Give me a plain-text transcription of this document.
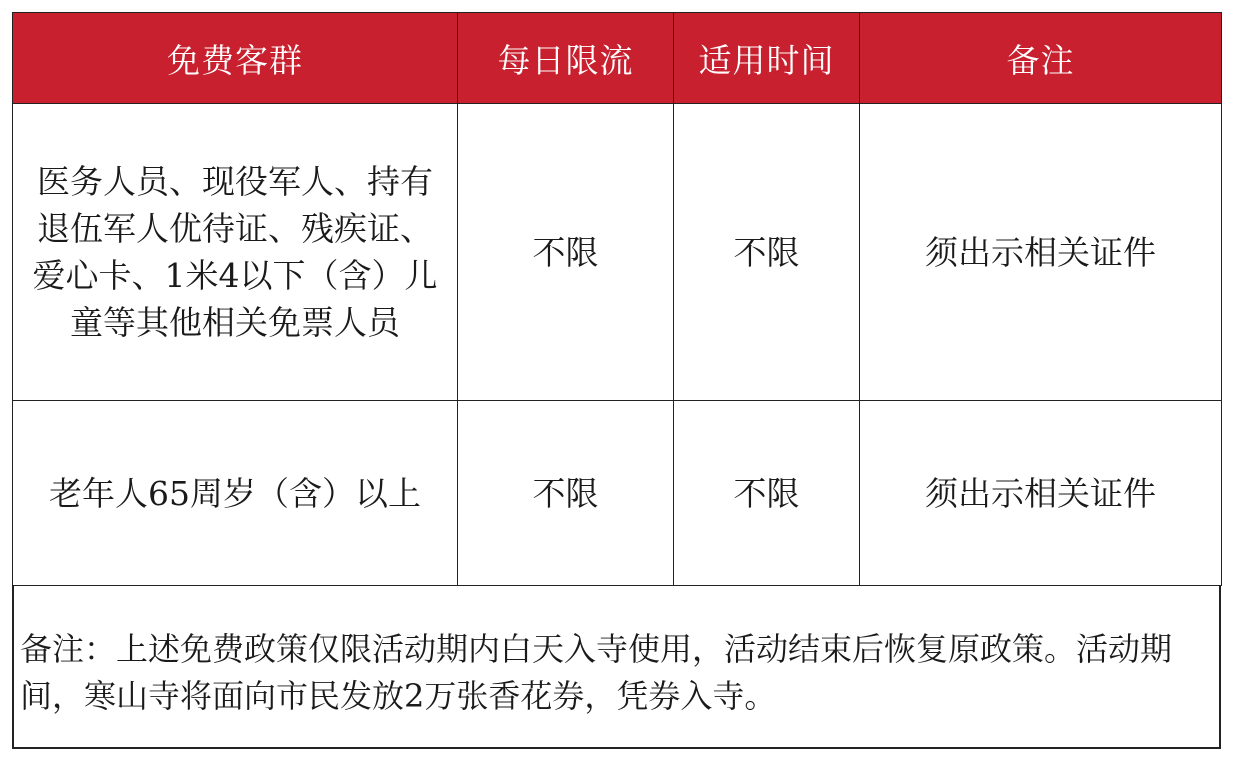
免费客群	每日限流	适用时间	备注
医务人员、现役军人、持有退伍军人优待证、残疾证、爱心卡、1米4以下（含）儿童等其他相关免票人员	不限	不限	须出示相关证件
老年人65周岁（含）以上	不限	不限	须出示相关证件
备注：上述免费政策仅限活动期内白天入寺使用，活动结束后恢复原政策。活动期间，寒山寺将面向市民发放2万张香花券，凭券入寺。
